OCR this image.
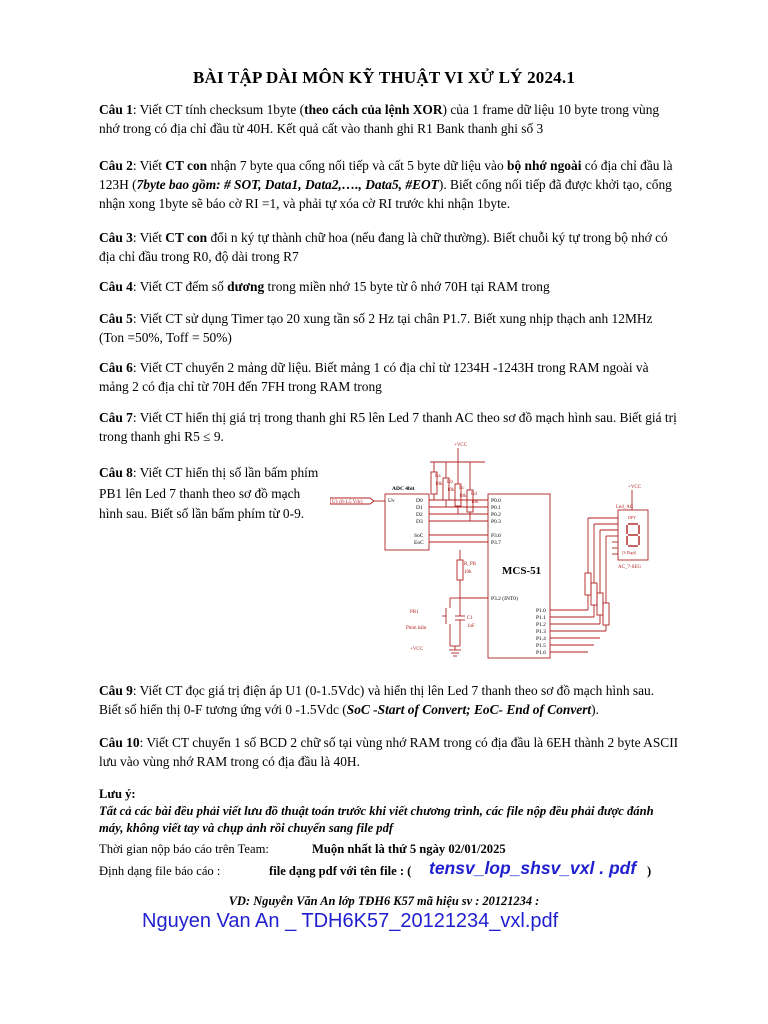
BÀI TẬP DÀI MÔN KỸ THUẬT VI XỬ LÝ 2024.1
Câu 1: Viết CT tính checksum 1byte (theo cách của lệnh XOR) của 1 frame dữ liệu 10 byte trong vùng nhớ trong có địa chỉ đầu từ 40H. Kết quả cất vào thanh ghi R1 Bank thanh ghi số 3
Câu 2: Viết CT con nhận 7 byte qua cổng nối tiếp và cất 5 byte dữ liệu vào bộ nhớ ngoài có địa chỉ đầu là 123H (7byte bao gồm: # SOT, Data1, Data2,…., Data5, #EOT). Biết cổng nối tiếp đã được khởi tạo, cổng nhận xong 1byte sẽ báo cờ RI =1, và phải tự xóa cờ RI trước khi nhận 1byte.
Câu 3: Viết CT con đổi n ký tự thành chữ hoa (nếu đang là chữ thường). Biết chuỗi ký tự trong bộ nhớ có địa chỉ đầu trong R0, độ dài trong R7
Câu 4: Viết CT đếm số dương trong miền nhớ 15 byte từ ô nhớ 70H tại RAM trong
Câu 5: Viết CT sử dụng Timer tạo 20 xung tần số 2 Hz tại chân P1.7. Biết xung nhịp thạch anh 12MHz (Ton =50%, Toff = 50%)
Câu 6: Viết CT chuyển 2 mảng dữ liệu. Biết mảng 1 có địa chỉ từ 1234H -1243H trong RAM ngoài và mảng 2 có địa chỉ từ 70H đến 7FH trong RAM trong
Câu 7: Viết CT hiển thị giá trị trong thanh ghi R5 lên Led 7 thanh AC theo sơ đồ mạch hình sau. Biết giá trị trong thanh ghi R5 ≤ 9.
Câu 8: Viết CT hiển thị số lần bấm phím PB1 lên Led 7 thanh theo sơ đồ mạch hình sau. Biết số lần bấm phím từ 0-9.
+VCC
+VCC
+VCC
Ra
Rb
Rc
Rd
10k
10k
10k
10k
U1 (0-1.5 Vdc)
Led_AC
DPY
[3-Digit]
AC_7-SEG
PB1
Phím bấm
R_PB
10k
C1
1uF
ADC 4bit
Uv	D0
D1
D2
D3
SoC
EoC
P0.0
P0.1
P0.2
P0.3
P3.6
P3.7
P3.2 (INT0)
P1.0
P1.1
P1.2
P1.3
P1.4
P1.5
P1.6
MCS-51
Câu 9: Viết CT đọc giá trị điện áp U1 (0-1.5Vdc) và hiển thị lên Led 7 thanh theo sơ đồ mạch hình sau. Biết số hiển thị 0-F tương ứng với 0 -1.5Vdc (SoC -Start of Convert; EoC- End of Convert).
Câu 10: Viết CT chuyển 1 số BCD 2 chữ số tại vùng nhớ RAM trong có địa đầu là 6EH thành 2 byte ASCII lưu vào vùng nhớ RAM trong có địa đầu là 40H.
Lưu ý:
Tất cả các bài đều phải viết lưu đồ thuật toán trước khi viết chương trình, các file nộp đều phải được đánh máy, không viết tay và chụp ảnh rồi chuyển sang file pdf
Thời gian nộp báo cáo trên Team:	Muộn nhất là thứ 5 ngày 02/01/2025
Định dạng file báo cáo :	file dạng pdf với tên file : ( tensv_lop_shsv_vxl . pdf )
VD: Nguyễn Văn An lớp TĐH6 K57 mã hiệu sv : 20121234 :
Nguyen Van An _ TDH6K57_20121234_vxl.pdf
